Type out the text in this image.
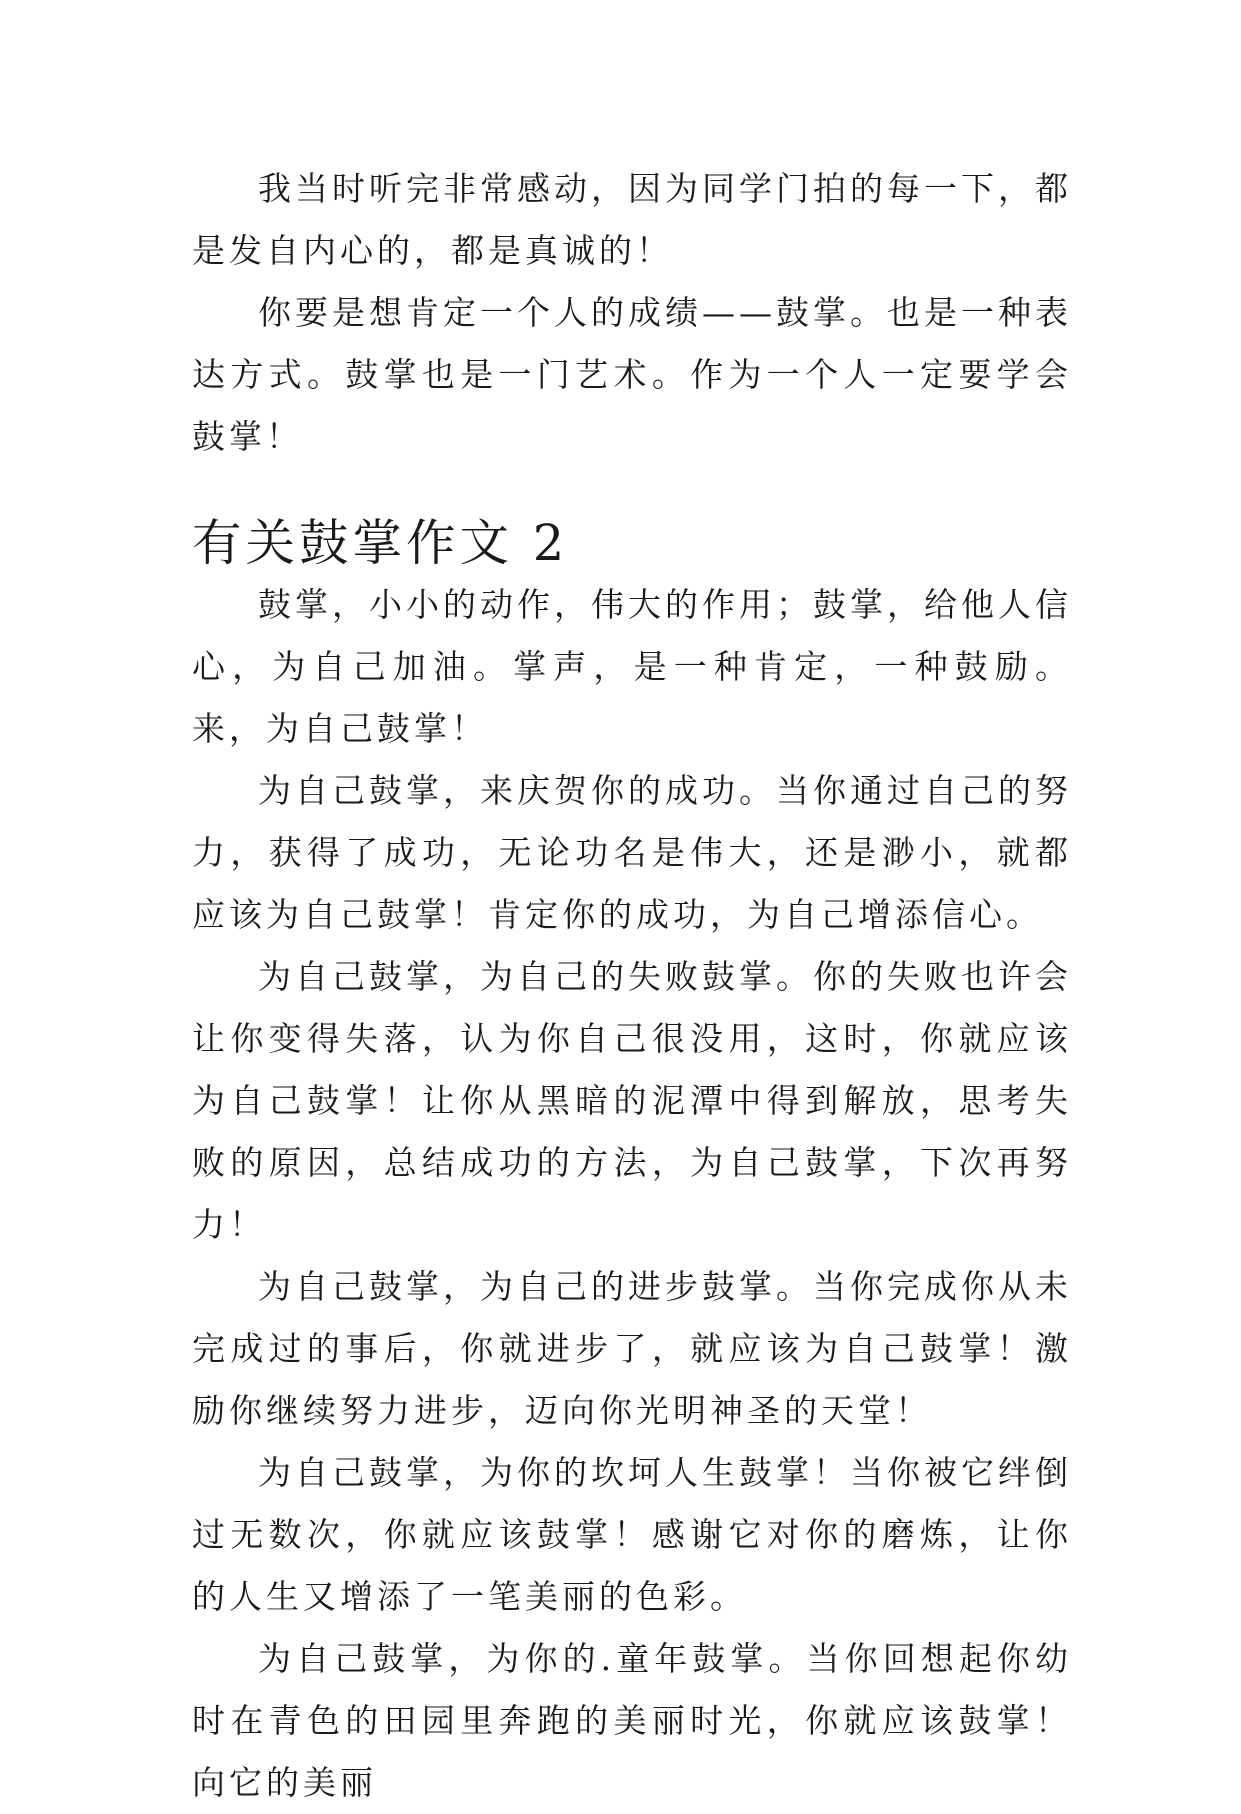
我当时听完非常感动，因为同学门拍的每一下，都是发自内心的，都是真诚的！

你要是想肯定一个人的成绩——鼓掌。也是一种表达方式。鼓掌也是一门艺术。作为一个人一定要学会鼓掌！

有关鼓掌作文 2

鼓掌，小小的动作，伟大的作用；鼓掌，给他人信心，为自己加油。掌声，是一种肯定，一种鼓励。来，为自己鼓掌！

为自己鼓掌，来庆贺你的成功。当你通过自己的努力，获得了成功，无论功名是伟大，还是渺小，就都应该为自己鼓掌！肯定你的成功，为自己增添信心。

为自己鼓掌，为自己的失败鼓掌。你的失败也许会让你变得失落，认为你自己很没用，这时，你就应该为自己鼓掌！让你从黑暗的泥潭中得到解放，思考失败的原因，总结成功的方法，为自己鼓掌，下次再努力！

为自己鼓掌，为自己的进步鼓掌。当你完成你从未完成过的事后，你就进步了，就应该为自己鼓掌！激励你继续努力进步，迈向你光明神圣的天堂！

为自己鼓掌，为你的坎坷人生鼓掌！当你被它绊倒过无数次，你就应该鼓掌！感谢它对你的磨炼，让你的人生又增添了一笔美丽的色彩。

为自己鼓掌，为你的.童年鼓掌。当你回想起你幼时在青色的田园里奔跑的美丽时光，你就应该鼓掌！向它的美丽
